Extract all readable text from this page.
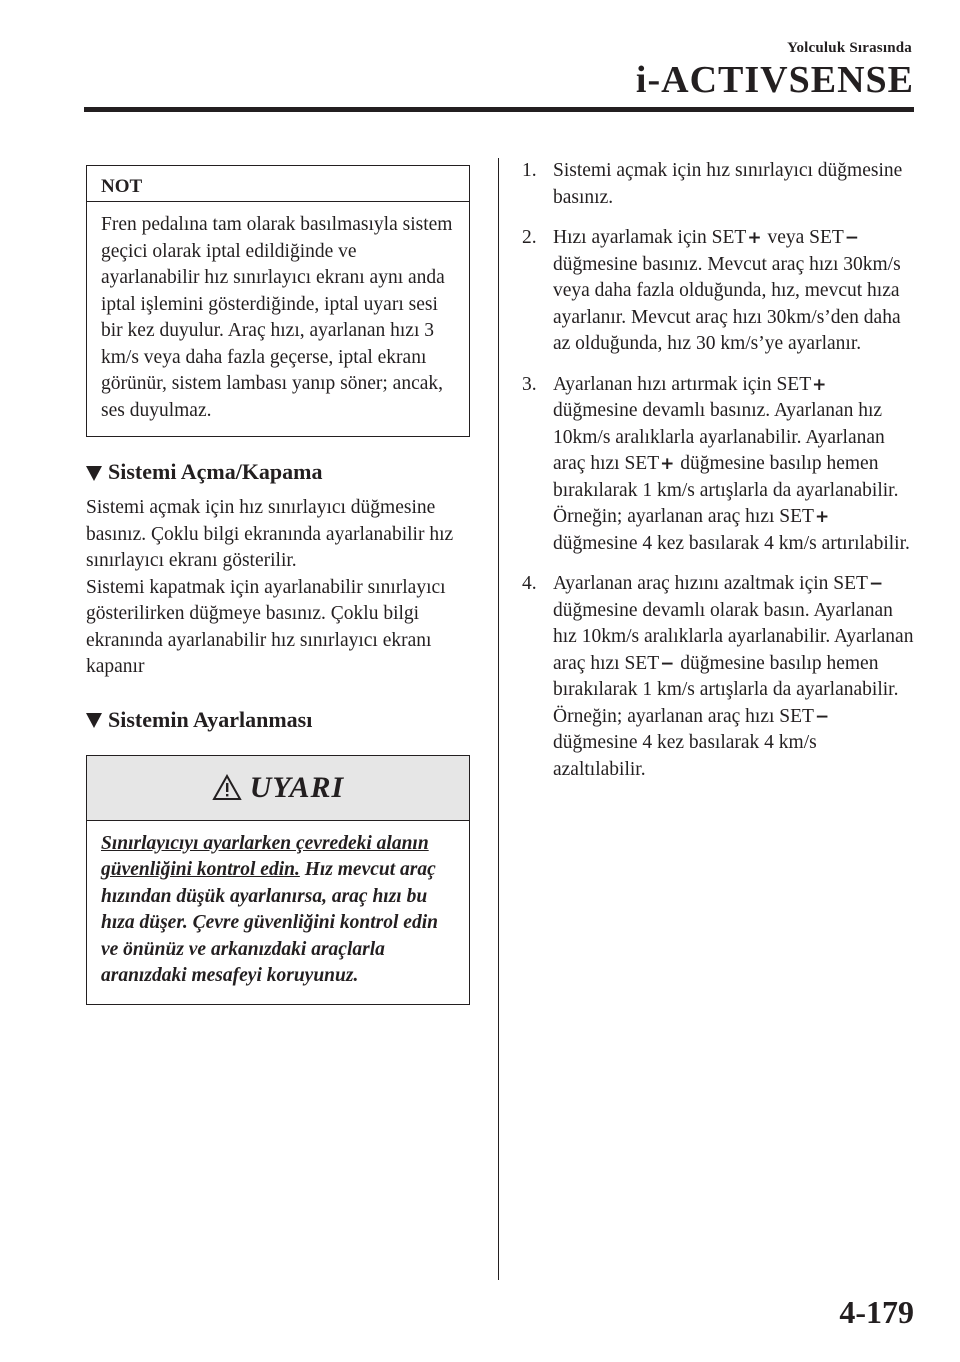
Yolculuk Sırasında
i-ACTIVSENSE
NOT
Fren pedalına tam olarak basılmasıyla sistem geçici olarak iptal edildiğinde ve ayarlanabilir hız sınırlayıcı ekranı aynı anda iptal işlemini gösterdiğinde, iptal uyarı sesi bir kez duyulur. Araç hızı, ayarlanan hızı 3 km/s veya daha fazla geçerse, iptal ekranı görünür, sistem lambası yanıp söner; ancak, ses duyulmaz.
Sistemi Açma/Kapama
Sistemi açmak için hız sınırlayıcı düğmesine basınız. Çoklu bilgi ekranında ayarlanabilir hız sınırlayıcı ekranı gösterilir.
Sistemi kapatmak için ayarlanabilir sınırlayıcı gösterilirken düğmeye basınız. Çoklu bilgi ekranında ayarlanabilir hız sınırlayıcı ekranı kapanır
Sistemin Ayarlanması
UYARI
Sınırlayıcıyı ayarlarken çevredeki alanın güvenliğini kontrol edin. Hız mevcut araç hızından düşük ayarlanırsa, araç hızı bu hıza düşer. Çevre güvenliğini kontrol edin ve önünüz ve arkanızdaki araçlarla aranızdaki mesafeyi koruyunuz.
1. Sistemi açmak için hız sınırlayıcı düğmesine basınız.
2. Hızı ayarlamak için SET+ veya SET− düğmesine basınız. Mevcut araç hızı 30km/s veya daha fazla olduğunda, hız, mevcut hıza ayarlanır. Mevcut araç hızı 30km/s’den daha az olduğunda, hız 30 km/s’ye ayarlanır.
3. Ayarlanan hızı artırmak için SET+ düğmesine devamlı basınız. Ayarlanan hız 10km/s aralıklarla ayarlanabilir. Ayarlanan araç hızı SET+ düğmesine basılıp hemen bırakılarak 1 km/s artışlarla da ayarlanabilir. Örneğin; ayarlanan araç hızı SET+ düğmesine 4 kez basılarak 4 km/s artırılabilir.
4. Ayarlanan araç hızını azaltmak için SET− düğmesine devamlı olarak basın. Ayarlanan hız 10km/s aralıklarla ayarlanabilir. Ayarlanan araç hızı SET− düğmesine basılıp hemen bırakılarak 1 km/s artışlarla da ayarlanabilir. Örneğin; ayarlanan araç hızı SET− düğmesine 4 kez basılarak 4 km/s azaltılabilir.
4-179
